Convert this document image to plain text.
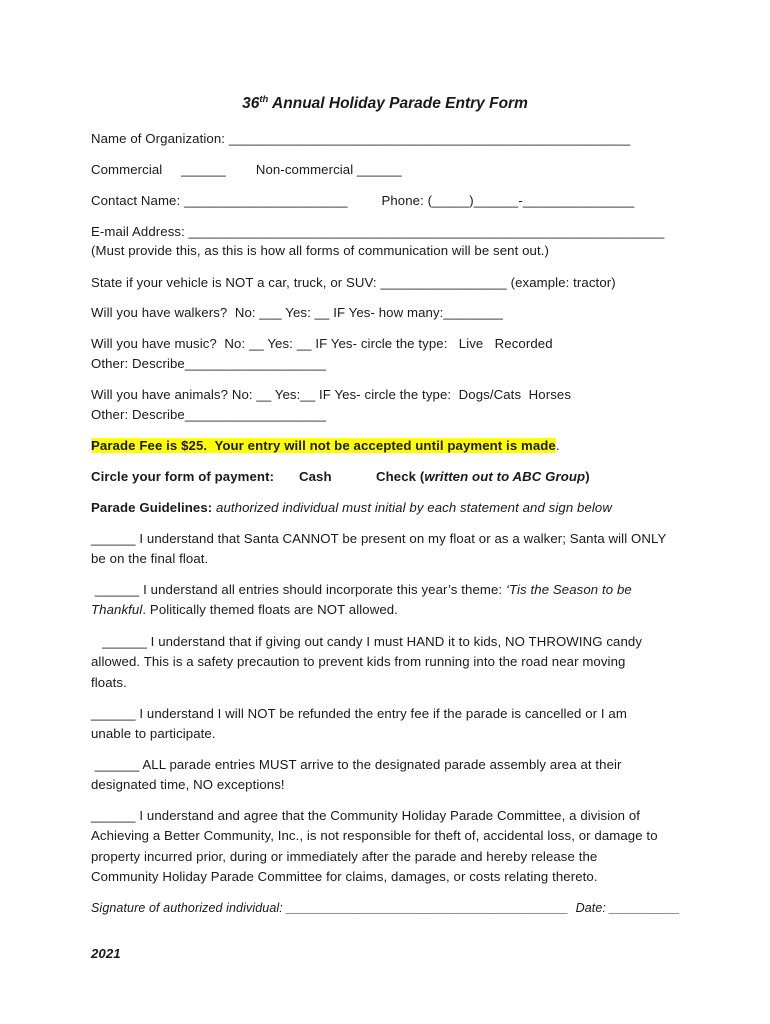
36th Annual Holiday Parade Entry Form
Name of Organization: ______________________________________________________
Commercial     ______        Non-commercial ______
Contact Name: ______________________         Phone: (_____)______-_______________
E-mail Address: ________________________________________________________________
(Must provide this, as this is how all forms of communication will be sent out.)
State if your vehicle is NOT a car, truck, or SUV: _________________ (example: tractor)
Will you have walkers?  No: ___ Yes: __ IF Yes- how many:________
Will you have music?  No: __ Yes: __ IF Yes- circle the type:   Live   Recorded
Other: Describe___________________
Will you have animals? No: __ Yes:__ IF Yes- circle the type:  Dogs/Cats  Horses
Other: Describe___________________
Parade Fee is $25.  Your entry will not be accepted until payment is made.
Circle your form of payment: Cash	Check (written out to ABC Group)
Parade Guidelines: authorized individual must initial by each statement and sign below
______ I understand that Santa CANNOT be present on my float or as a walker; Santa will ONLY
be on the final float.
______ I understand all entries should incorporate this year’s theme: ‘Tis the Season to be
Thankful. Politically themed floats are NOT allowed.
______ I understand that if giving out candy I must HAND it to kids, NO THROWING candy
allowed. This is a safety precaution to prevent kids from running into the road near moving
floats.
______ I understand I will NOT be refunded the entry fee if the parade is cancelled or I am
unable to participate.
______ ALL parade entries MUST arrive to the designated parade assembly area at their
designated time, NO exceptions!
______ I understand and agree that the Community Holiday Parade Committee, a division of
Achieving a Better Community, Inc., is not responsible for theft of, accidental loss, or damage to
property incurred prior, during or immediately after the parade and hereby release the
Community Holiday Parade Committee for claims, damages, or costs relating thereto.
Signature of authorized individual: ________________________________________  Date: __________
2021
